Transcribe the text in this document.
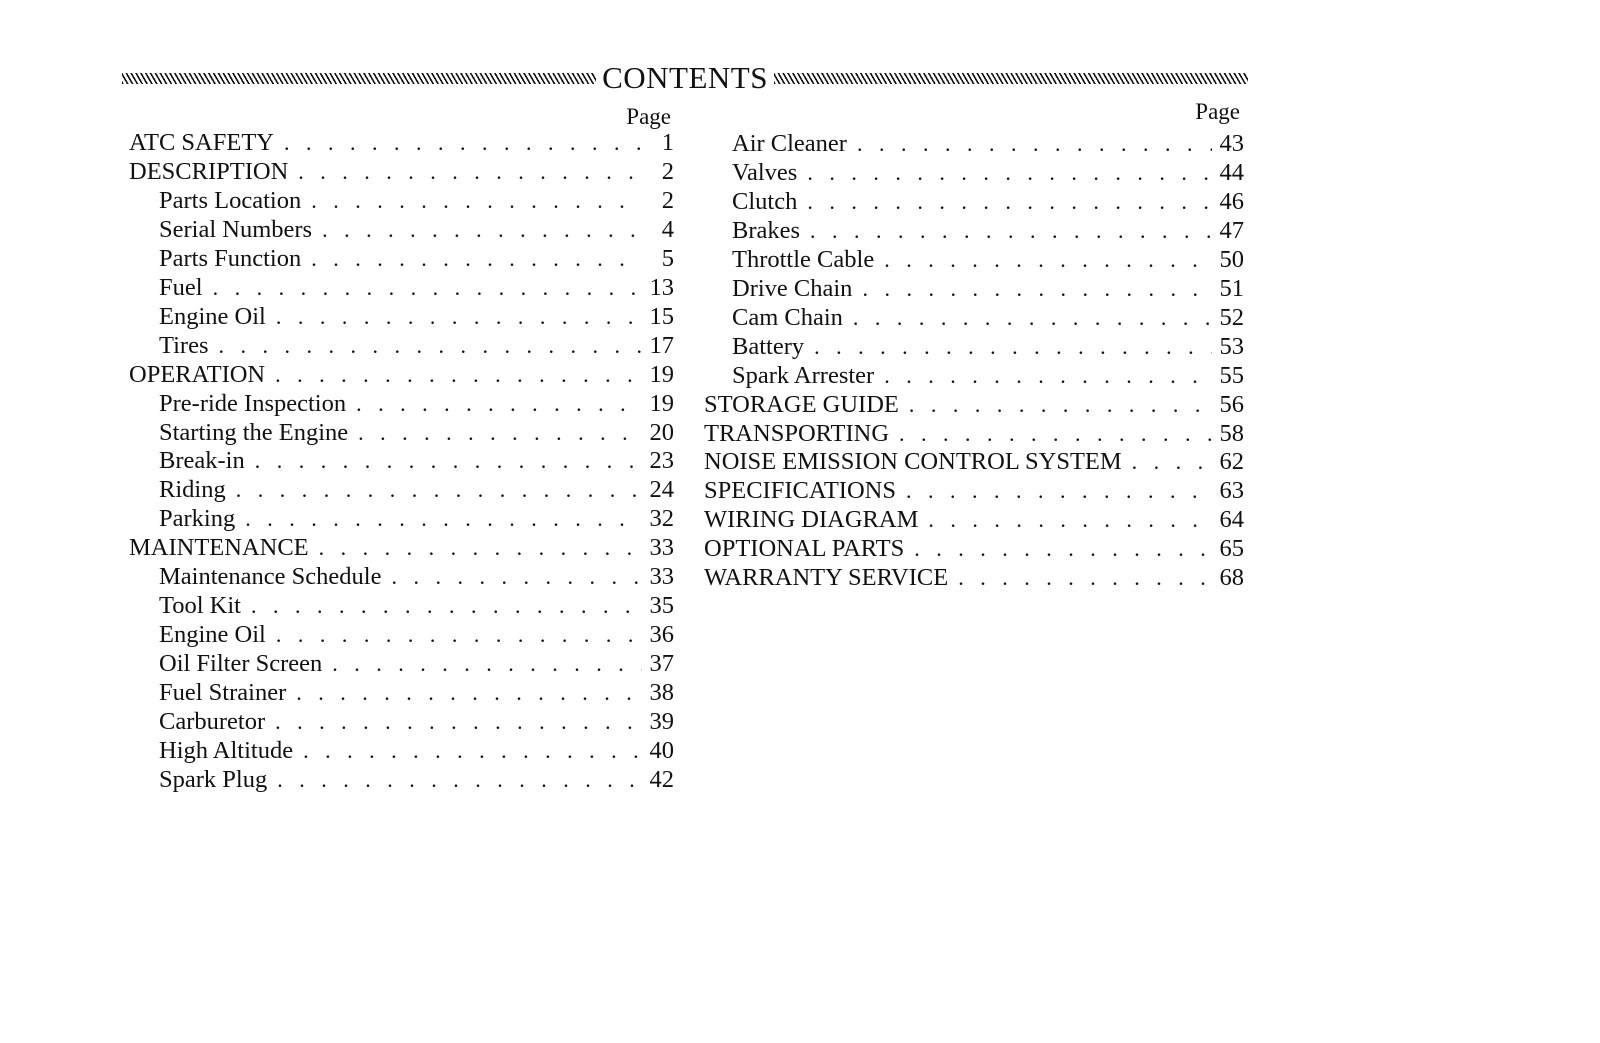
CONTENTS
Page
ATC SAFETY . . .	1
DESCRIPTION . . .	2
Parts Location . . .	2
Serial Numbers . . .	4
Parts Function . . .	5
Fuel . . .	13
Engine Oil . . .	15
Tires . . .	17
OPERATION . . .	19
Pre-ride Inspection . . .	19
Starting the Engine . . .	20
Break-in . . .	23
Riding . . .	24
Parking . . .	32
MAINTENANCE . . .	33
Maintenance Schedule . . .	33
Tool Kit . . .	35
Engine Oil . . .	36
Oil Filter Screen . . .	37
Fuel Strainer . . .	38
Carburetor . . .	39
High Altitude . . .	40
Spark Plug . . .	42
Page
Air Cleaner . . .	43
Valves . . .	44
Clutch . . .	46
Brakes . . .	47
Throttle Cable . . .	50
Drive Chain . . .	51
Cam Chain . . .	52
Battery . . .	53
Spark Arrester . . .	55
STORAGE GUIDE . . .	56
TRANSPORTING . . .	58
NOISE EMISSION CONTROL SYSTEM . . .	62
SPECIFICATIONS . . .	63
WIRING DIAGRAM . . .	64
OPTIONAL PARTS . . .	65
WARRANTY SERVICE . . .	68
